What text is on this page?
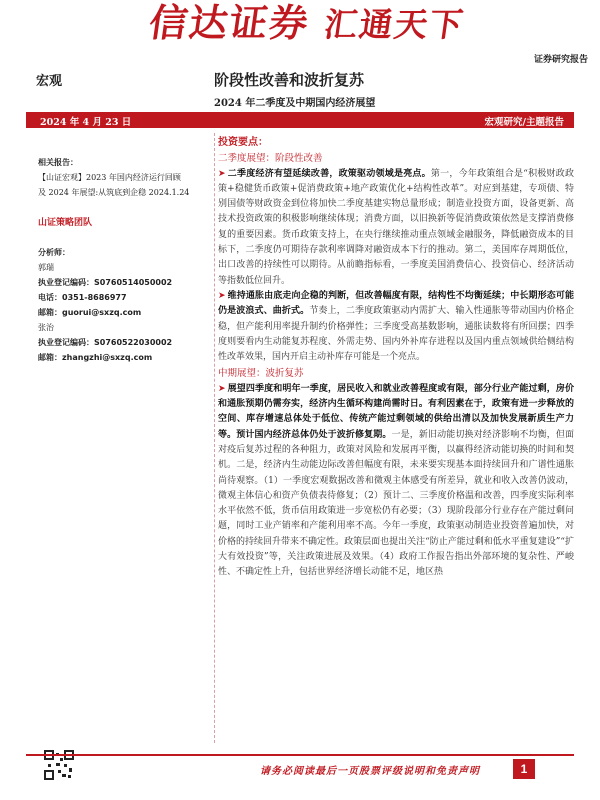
信达证券 汇通天下
证券研究报告
宏观	阶段性改善和波折复苏
2024 年二季度及中期国内经济展望
2024 年 4 月 23 日	宏观研究/主题报告
相关报告：
【山证宏观】2023 年国内经济运行回顾
及 2024 年展望:从筑底到企稳 2024.1.24
山证策略团队
分析师：
郭瑞
执业登记编码：S0760514050002
电话：0351-8686977
邮箱：guorui@sxzq.com
张治
执业登记编码：S0760522030002
邮箱：zhangzhi@sxzq.com
投资要点：
二季度展望：阶段性改善

➤ 二季度经济有望延续改善，政策驱动领域是亮点。第一，今年政策组合是“积极财政政策+稳健货币政策+促消费政策+地产政策优化+结构性改革”。对应到基建，专项债、特别国债等财政资金到位将加快二季度基建实物总量形成；制造业投资方面，设备更新、高技术投资政策的积极影响继续体现；消费方面，以旧换新等促消费政策依然是支撑消费修复的重要因素。货币政策支持上，在央行继续推动重点领域金融服务，降低融资成本的目标下，二季度仍可期待存款利率调降对融资成本下行的推动。第二，美国库存周期低位，出口改善的持续性可以期待。从前瞻指标看，一季度美国消费信心、投资信心、经济活动等指数低位回升。

➤ 维持通胀由底走向企稳的判断，但改善幅度有限，结构性不均衡延续；中长期形态可能仍是波浪式、曲折式。节奏上，二季度政策驱动内需扩大、输入性通胀等带动国内价格企稳，但产能利用率提升制约价格弹性；三季度受高基数影响，通胀读数将有所回摆；四季度则要看内生动能复苏程度、外需走势、国内外补库存进程以及国内重点领域供给侧结构性改革效果，国内开启主动补库存可能是一个亮点。

中期展望：波折复苏

➤ 展望四季度和明年一季度，居民收入和就业改善程度或有限，部分行业产能过剩，房价和通胀预期仍需夯实，经济内生循环构建尚需时日。有利因素在于，政策有进一步释放的空间、库存增速总体处于低位、传统产能过剩领域的供给出清以及加快发展新质生产力等。预计国内经济总体仍处于波折修复期。一是，新旧动能切换对经济影响不均衡，但面对疫后复苏过程的各种阻力，政策对风险和发展再平衡，以赢得经济动能切换的时间和契机。二是，经济内生动能边际改善但幅度有限，未来要实现基本面持续回升和广谱性通胀尚待观察。（1）一季度宏观数据改善和微观主体感受有所差异，就业和收入改善仍波动，微观主体信心和资产负债表待修复；（2）预计二、三季度价格温和改善，四季度实际利率水平依然不低，货币信用政策进一步宽松仍有必要；（3）现阶段部分行业存在产能过剩问题，同时工业产销率和产能利用率不高。今年一季度，政策驱动制造业投资普遍加快，对价格的持续回升带来不确定性。政策层面也提出关注“防止产能过剩和低水平重复建设”“扩大有效投资”等，关注政策进展及效果。（4）政府工作报告指出外部环境的复杂性、严峻性、不确定性上升，包括世界经济增长动能不足，地区热

请务必阅读最后一页股票评级说明和免责声明	1
